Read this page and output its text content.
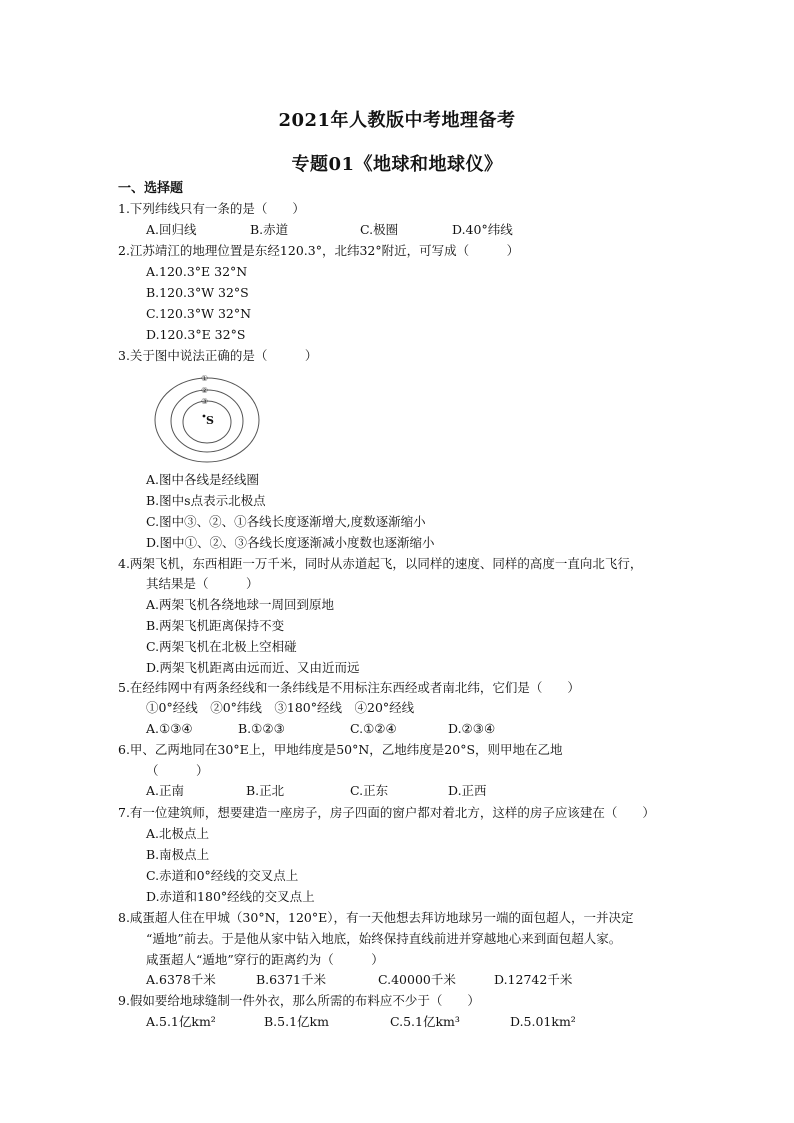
2021年人教版中考地理备考
专题01《地球和地球仪》
一、选择题
1.下列纬线只有一条的是（　　）
A.回归线	B.赤道	C.极圈	D.40°纬线
2.江苏靖江的地理位置是东经120.3°，北纬32°附近，可写成（　　　）
A.120.3°E 32°N
B.120.3°W 32°S
C.120.3°W 32°N
D.120.3°E 32°S
3.关于图中说法正确的是（　　　）
①
②
③
S
A.图中各线是经线圈
B.图中s点表示北极点
C.图中③、②、①各线长度逐渐增大,度数逐渐缩小
D.图中①、②、③各线长度逐渐减小度数也逐渐缩小
4.两架飞机，东西相距一万千米，同时从赤道起飞，以同样的速度、同样的高度一直向北飞行，
其结果是（　　　）
A.两架飞机各绕地球一周回到原地
B.两架飞机距离保持不变
C.两架飞机在北极上空相碰
D.两架飞机距离由远而近、又由近而远
5.在经纬网中有两条经线和一条纬线是不用标注东西经或者南北纬，它们是（　　）
①0°经线　②0°纬线　③180°经线　④20°经线
A.①③④	B.①②③	C.①②④	D.②③④
6.甲、乙两地同在30°E上，甲地纬度是50°N，乙地纬度是20°S，则甲地在乙地
（　　　）
A.正南	B.正北	C.正东	D.正西
7.有一位建筑师，想要建造一座房子，房子四面的窗户都对着北方，这样的房子应该建在（　　）
A.北极点上
B.南极点上
C.赤道和0°经线的交叉点上
D.赤道和180°经线的交叉点上
8.咸蛋超人住在甲城（30°N，120°E），有一天他想去拜访地球另一端的面包超人，一并决定
“遁地”前去。于是他从家中钻入地底，始终保持直线前进并穿越地心来到面包超人家。
咸蛋超人“遁地”穿行的距离约为（　　　）
A.6378千米	B.6371千米	C.40000千米	D.12742千米
9.假如要给地球缝制一件外衣，那么所需的布料应不少于（　　）
A.5.1亿km²	B.5.1亿km	C.5.1亿km³	D.5.01km²
